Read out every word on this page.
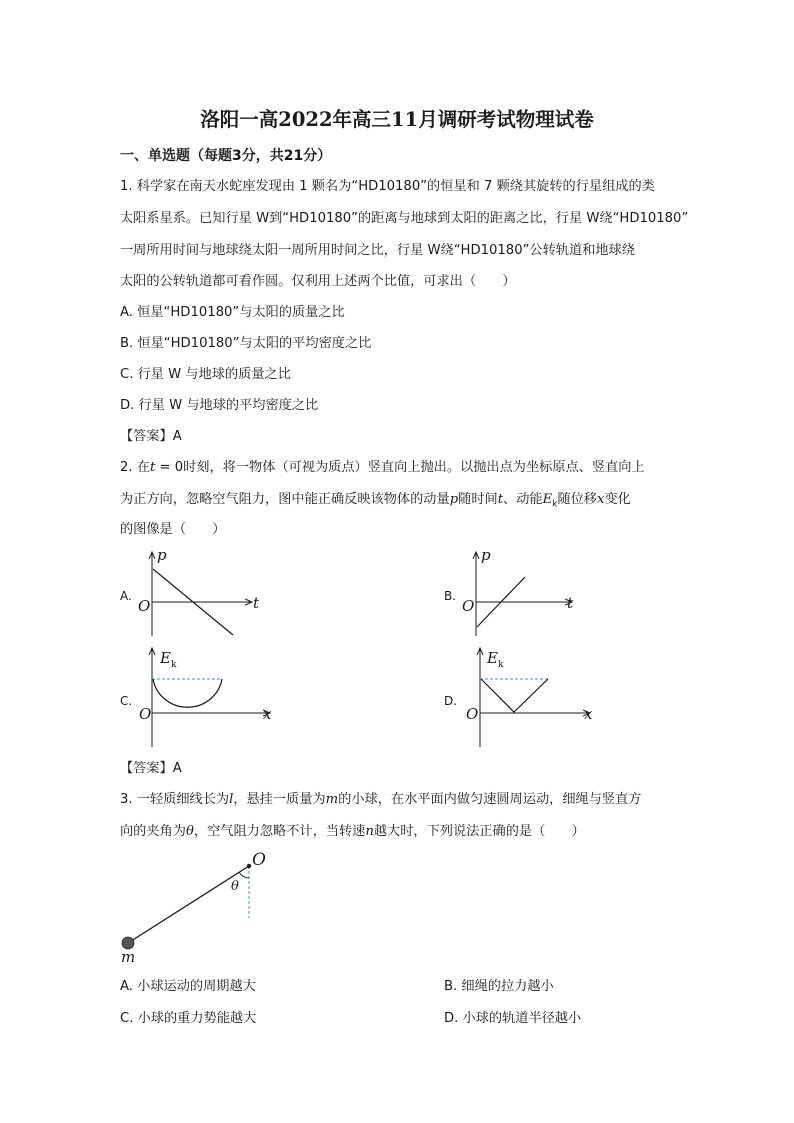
洛阳一高2022年高三11月调研考试物理试卷
一、单选题（每题3分，共21分）
1. 科学家在南天水蛇座发现由 1 颗名为“HD10180”的恒星和 7 颗绕其旋转的行星组成的类
太阳系星系。已知行星 W到“HD10180”的距离与地球到太阳的距离之比，行星 W绕“HD10180”
一周所用时间与地球绕太阳一周所用时间之比，行星 W绕“HD10180”公转轨道和地球绕
太阳的公转轨道都可看作圆。仅利用上述两个比值，可求出（　　）
A. 恒星“HD10180”与太阳的质量之比
B. 恒星“HD10180”与太阳的平均密度之比
C. 行星 W 与地球的质量之比
D. 行星 W 与地球的平均密度之比
【答案】A
2. 在t = 0时刻，将一物体（可视为质点）竖直向上抛出。以抛出点为坐标原点、竖直向上
为正方向，忽略空气阻力，图中能正确反映该物体的动量p随时间t、动能$E_k$随位移x变化
的图像是（　　）
A.
p
t
O
p
t
O
E k
x
O
E k
x
O
O
θ
m
B.
C.	D.
【答案】A
3. 一轻质细线长为l，悬挂一质量为m的小球，在水平面内做匀速圆周运动，细绳与竖直方
向的夹角为θ，空气阻力忽略不计，当转速n越大时，下列说法正确的是（　　）
A. 小球运动的周期越大	B. 细绳的拉力越小
C. 小球的重力势能越大	D. 小球的轨道半径越小
